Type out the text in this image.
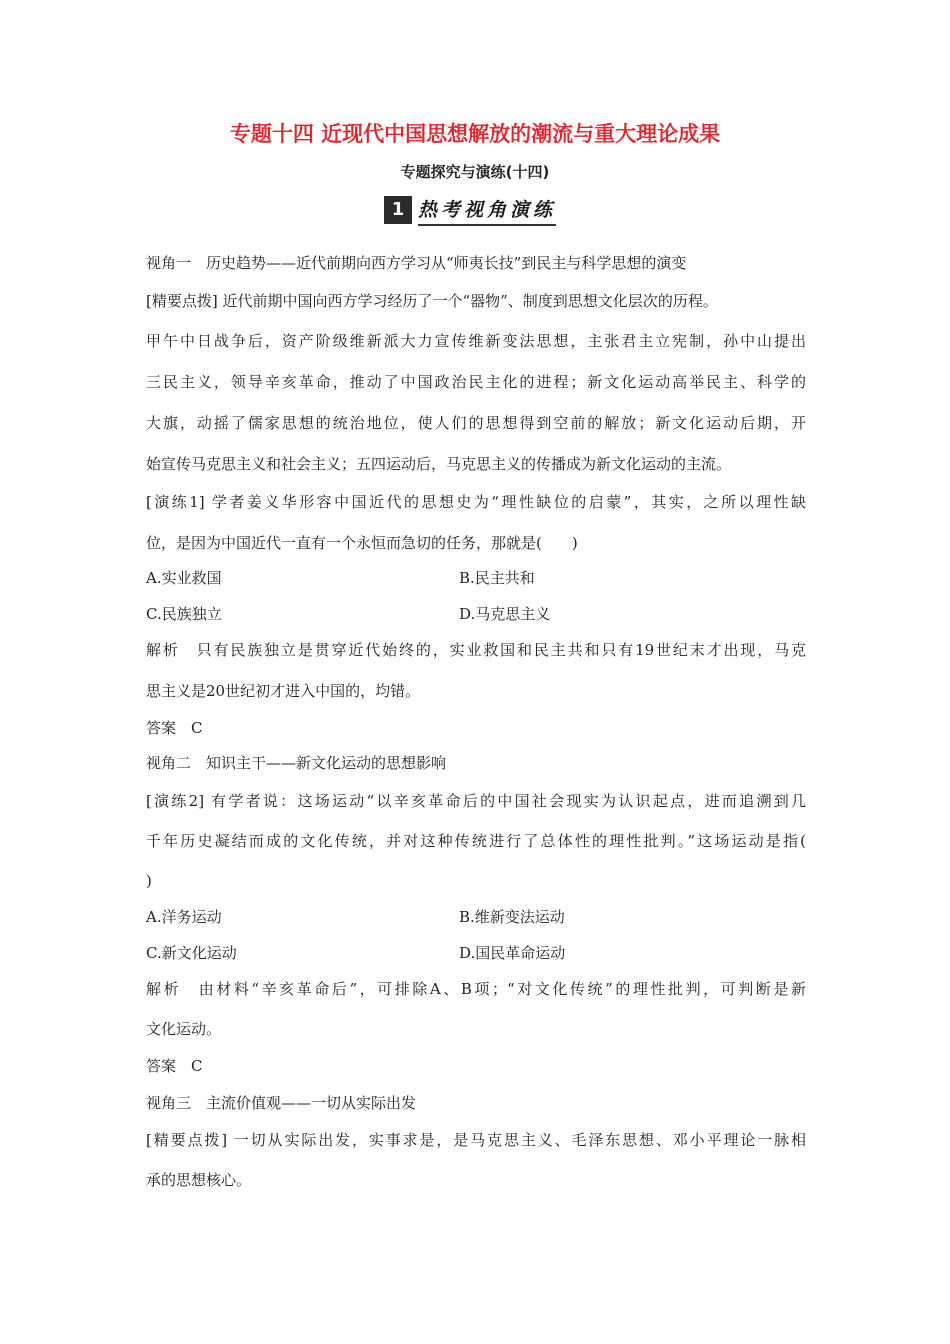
专题十四 近现代中国思想解放的潮流与重大理论成果
专题探究与演练(十四)
1 热考视角演练
视角一　历史趋势——近代前期向西方学习从“师夷长技”到民主与科学思想的演变
[精要点拨] 近代前期中国向西方学习经历了一个“器物”、制度到思想文化层次的历程。
甲午中日战争后，资产阶级维新派大力宣传维新变法思想，主张君主立宪制，孙中山提出
三民主义，领导辛亥革命，推动了中国政治民主化的进程；新文化运动高举民主、科学的
大旗，动摇了儒家思想的统治地位，使人们的思想得到空前的解放；新文化运动后期，开
始宣传马克思主义和社会主义；五四运动后，马克思主义的传播成为新文化运动的主流。
[演练1] 学者姜义华形容中国近代的思想史为“理性缺位的启蒙”，其实，之所以理性缺
位，是因为中国近代一直有一个永恒而急切的任务，那就是(　　)
A.实业救国	B.民主共和
C.民族独立	D.马克思主义
解析　只有民族独立是贯穿近代始终的，实业救国和民主共和只有19世纪末才出现，马克
思主义是20世纪初才进入中国的，均错。
答案　C
视角二　知识主干——新文化运动的思想影响
[演练2] 有学者说：这场运动“以辛亥革命后的中国社会现实为认识起点，进而追溯到几
千年历史凝结而成的文化传统，并对这种传统进行了总体性的理性批判。”这场运动是指(
)
A.洋务运动	B.维新变法运动
C.新文化运动	D.国民革命运动
解析　由材料“辛亥革命后”，可排除A、B项；“对文化传统”的理性批判，可判断是新
文化运动。
答案　C
视角三　主流价值观——一切从实际出发
[精要点拨] 一切从实际出发，实事求是，是马克思主义、毛泽东思想、邓小平理论一脉相
承的思想核心。
